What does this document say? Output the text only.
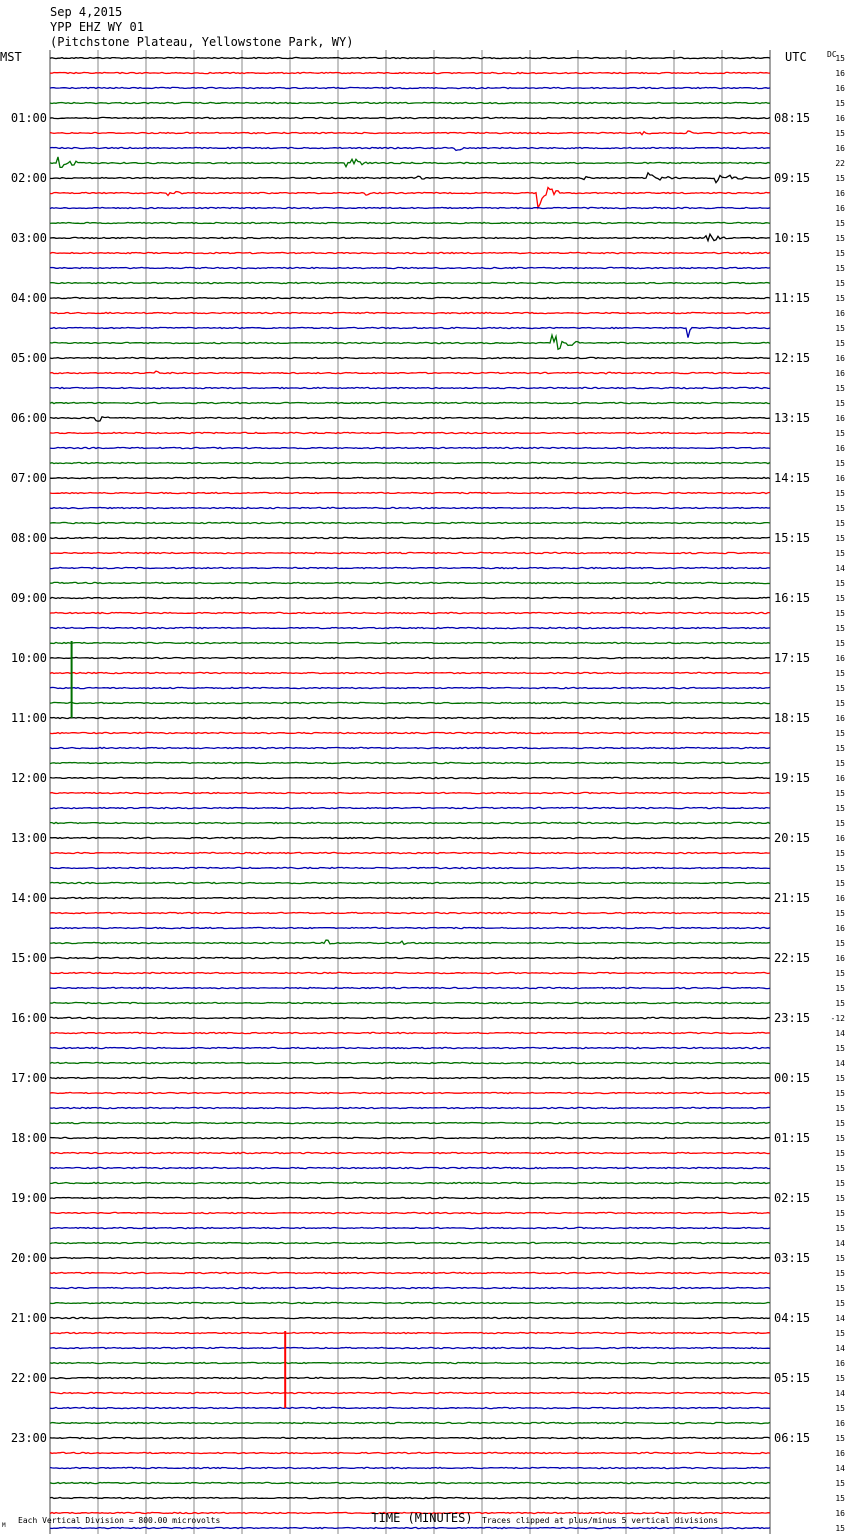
Sep 4,2015
YPP EHZ WY 01
(Pitchstone Plateau, Yellowstone Park, WY)
MST	UTC
01:00
02:00
03:00
04:00
05:00
06:00
07:00
08:00
09:00
10:00
11:00
12:00
13:00
14:00
15:00
16:00
17:00
18:00
19:00
20:00
21:00
22:00
23:00
08:15
09:15
10:15
11:15
12:15
13:15
14:15
15:15
16:15
17:15
18:15
19:15
20:15
21:15
22:15
23:15
00:15
01:15
02:15
03:15
04:15
05:15
06:15
15
16
16
15
16
15
16
22
15
16
16
15
15
15
15
15
15
16
15
15
16
16
15
15
16
15
16
15
16
15
15
15
15
15
14
15
15
15
15
15
16
15
15
15
16
15
15
15
16
15
15
15
16
15
15
15
16
15
16
15
16
15
15
15
-12
14
15
14
15
15
15
15
15
15
15
15
15
15
15
14
15
15
15
15
14
15
14
16
15
14
15
16
15
16
14
15
15
16
15
DC
TIME (MINUTES)
Each Vertical Division = 800.00 microvolts	Traces clipped at plus/minus 5 vertical divisions
M
